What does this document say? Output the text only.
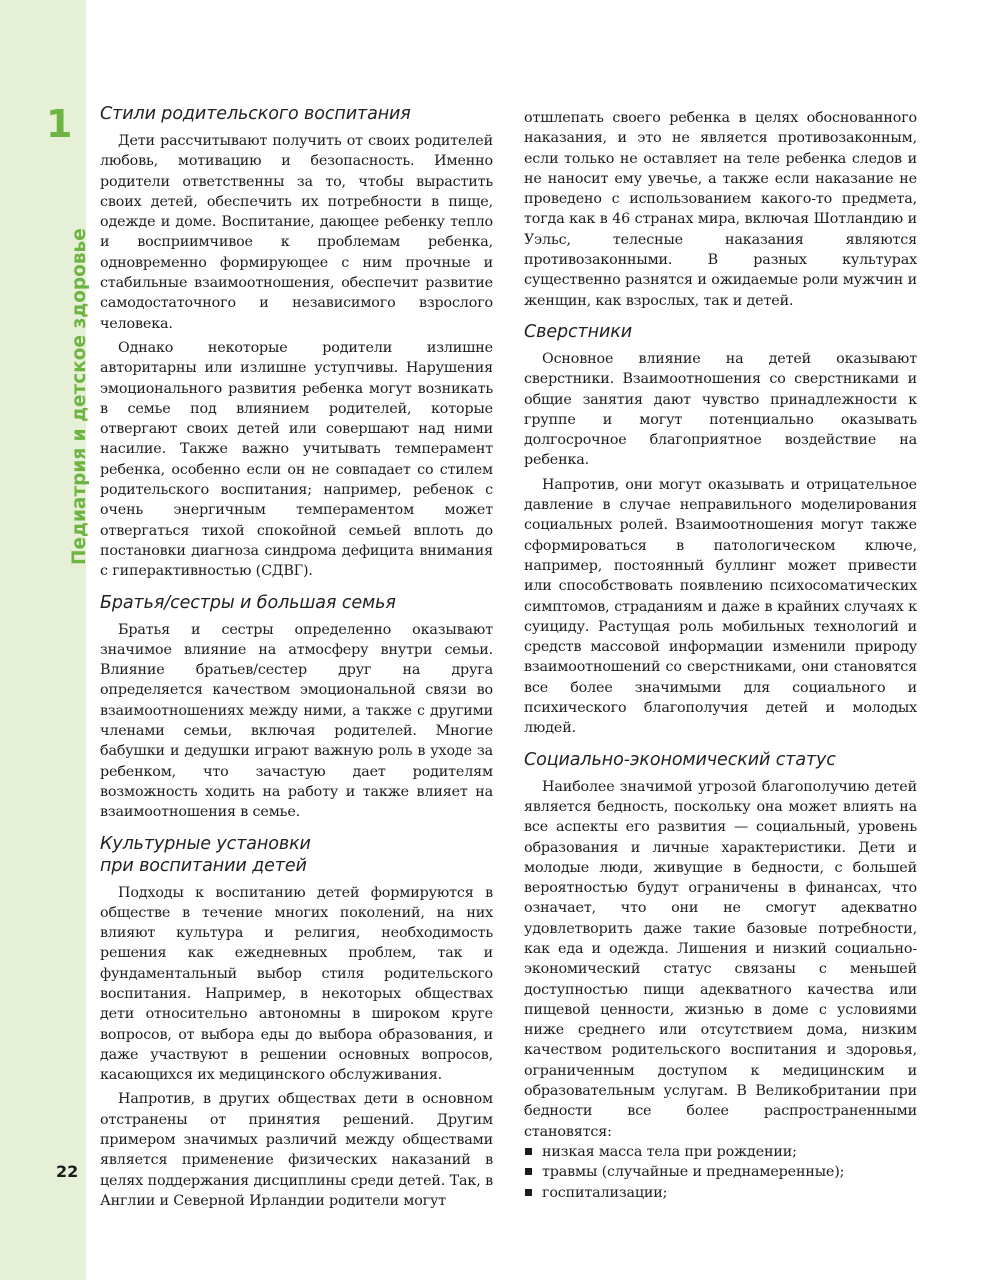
1
Педиатрия и детское здоровье
22
Стили родительского воспитания

Дети рассчитывают получить от своих родителей любовь, мотивацию и безопасность. Именно родители ответственны за то, чтобы вырастить своих детей, обеспечить их потребности в пище, одежде и доме. Воспитание, дающее ребенку тепло и восприимчивое к проблемам ребенка, одновременно формирующее с ним прочные и стабильные взаимоотношения, обеспечит развитие самодостаточного и независимого взрослого человека.

Однако некоторые родители излишне авторитарны или излишне уступчивы. Нарушения эмоционального развития ребенка могут возникать в семье под влиянием родителей, которые отвергают своих детей или совершают над ними насилие. Также важно учитывать темперамент ребенка, особенно если он не совпадает со стилем родительского воспитания; например, ребенок с очень энергичным темпераментом может отвергаться тихой спокойной семьей вплоть до постановки диагноза синдрома дефицита внимания с гиперактивностью (СДВГ).

Братья/сестры и большая семья

Братья и сестры определенно оказывают значимое влияние на атмосферу внутри семьи. Влияние братьев/сестер друг на друга определяется качеством эмоциональной связи во взаимоотношениях между ними, а также с другими членами семьи, включая родителей. Многие бабушки и дедушки играют важную роль в уходе за ребенком, что зачастую дает родителям возможность ходить на работу и также влияет на взаимоотношения в семье.

Культурные установки
при воспитании детей

Подходы к воспитанию детей формируются в обществе в течение многих поколений, на них влияют культура и религия, необходимость решения как ежедневных проблем, так и фундаментальный выбор стиля родительского воспитания. Например, в некоторых обществах дети относительно автономны в широком круге вопросов, от выбора еды до выбора образования, и даже участвуют в решении основных вопросов, касающихся их медицинского обслуживания.

Напротив, в других обществах дети в основном отстранены от принятия решений. Другим примером значимых различий между обществами является применение физических наказаний в целях поддержания дисциплины среди детей. Так, в Англии и Северной Ирландии родители могут

отшлепать своего ребенка в целях обоснованного наказания, и это не является противозаконным, если только не оставляет на теле ребенка следов и не наносит ему увечье, а также если наказание не проведено с использованием какого-то предмета, тогда как в 46 странах мира, включая Шотландию и Уэльс, телесные наказания являются противозаконными. В разных культурах существенно разнятся и ожидаемые роли мужчин и женщин, как взрослых, так и детей.

Сверстники

Основное влияние на детей оказывают сверстники. Взаимоотношения со сверстниками и общие занятия дают чувство принадлежности к группе и могут потенциально оказывать долгосрочное благоприятное воздействие на ребенка.

Напротив, они могут оказывать и отрицательное давление в случае неправильного моделирования социальных ролей. Взаимоотношения могут также сформироваться в патологическом ключе, например, постоянный буллинг может привести или способствовать появлению психосоматических симптомов, страданиям и даже в крайних случаях к суициду. Растущая роль мобильных технологий и средств массовой информации изменили природу взаимоотношений со сверстниками, они становятся все более значимыми для социального и психического благополучия детей и молодых людей.

Социально-экономический статус

Наиболее значимой угрозой благополучию детей является бедность, поскольку она может влиять на все аспекты его развития — социальный, уровень образования и личные характеристики. Дети и молодые люди, живущие в бедности, с большей вероятностью будут ограничены в финансах, что означает, что они не смогут адекватно удовлетворить даже такие базовые потребности, как еда и одежда. Лишения и низкий социально-экономический статус связаны с меньшей доступностью пищи адекватного качества или пищевой ценности, жизнью в доме с условиями ниже среднего или отсутствием дома, низким качеством родительского воспитания и здоровья, ограниченным доступом к медицинским и образовательным услугам. В Великобритании при бедности все более распространенными становятся:

низкая масса тела при рождении;
травмы (случайные и преднамеренные);
госпитализации;
